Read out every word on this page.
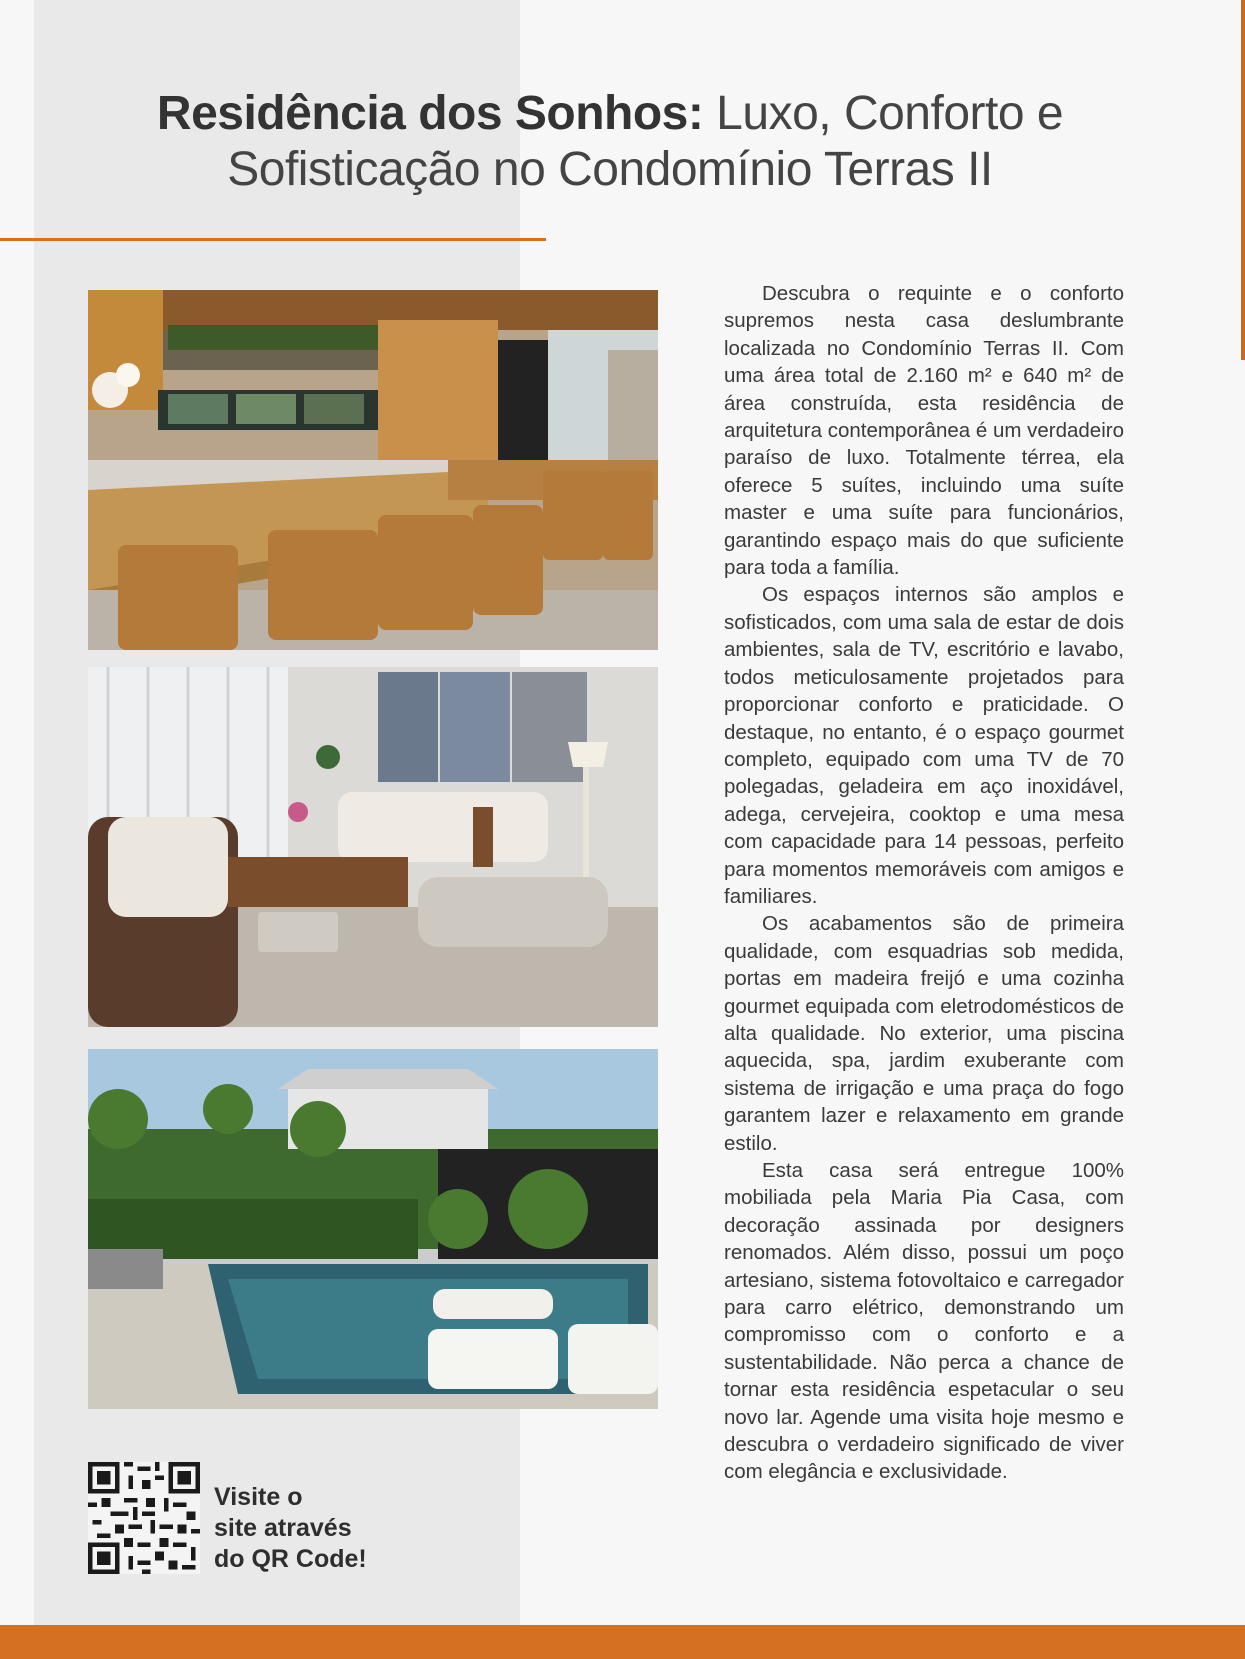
Residência dos Sonhos: Luxo, Conforto e
Sofisticação no Condomínio Terras II

Descubra o requinte e o conforto supremos nesta casa deslumbrante localizada no Condomínio Terras II. Com uma área total de 2.160 m² e 640 m² de área construída, esta residência de arquitetura contemporânea é um verdadeiro paraíso de luxo. Totalmente térrea, ela oferece 5 suítes, incluindo uma suíte master e uma suíte para funcionários, garantindo espaço mais do que suficiente para toda a família.

Os espaços internos são amplos e sofisticados, com uma sala de estar de dois ambientes, sala de TV, escritório e lavabo, todos meticulosamente projetados para proporcionar conforto e praticidade. O destaque, no entanto, é o espaço gourmet completo, equipado com uma TV de 70 polegadas, geladeira em aço inoxidável, adega, cervejeira, cooktop e uma mesa com capacidade para 14 pessoas, perfeito para momentos memoráveis com amigos e familiares.

Os acabamentos são de primeira qualidade, com esquadrias sob medida, portas em madeira freijó e uma cozinha gourmet equipada com eletrodomésticos de alta qualidade. No exterior, uma piscina aquecida, spa, jardim exuberante com sistema de irrigação e uma praça do fogo garantem lazer e relaxamento em grande estilo.

Esta casa será entregue 100% mobiliada pela Maria Pia Casa, com decoração assinada por designers renomados. Além disso, possui um poço artesiano, sistema fotovoltaico e carregador para carro elétrico, demonstrando um compromisso com o conforto e a sustentabilidade. Não perca a chance de tornar esta residência espetacular o seu novo lar. Agende uma visita hoje mesmo e descubra o verdadeiro significado de viver com elegância e exclusividade.

Visite o
site através
do QR Code!
